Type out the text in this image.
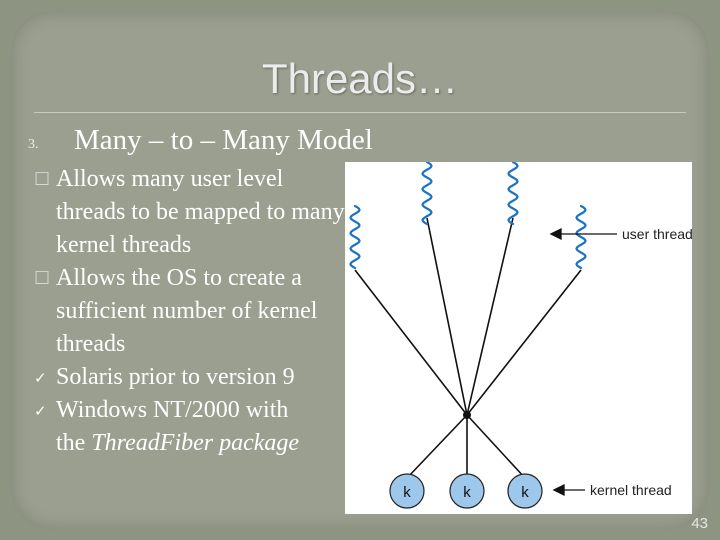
Threads…
3. Many – to – Many Model
☐ Allows many user level threads to be mapped to many kernel threads
☐ Allows the OS to create a sufficient number of kernel threads
✓ Solaris prior to version 9
✓ Windows NT/2000 with
the ThreadFiber package
k	k	k
user thread
kernel thread
43
